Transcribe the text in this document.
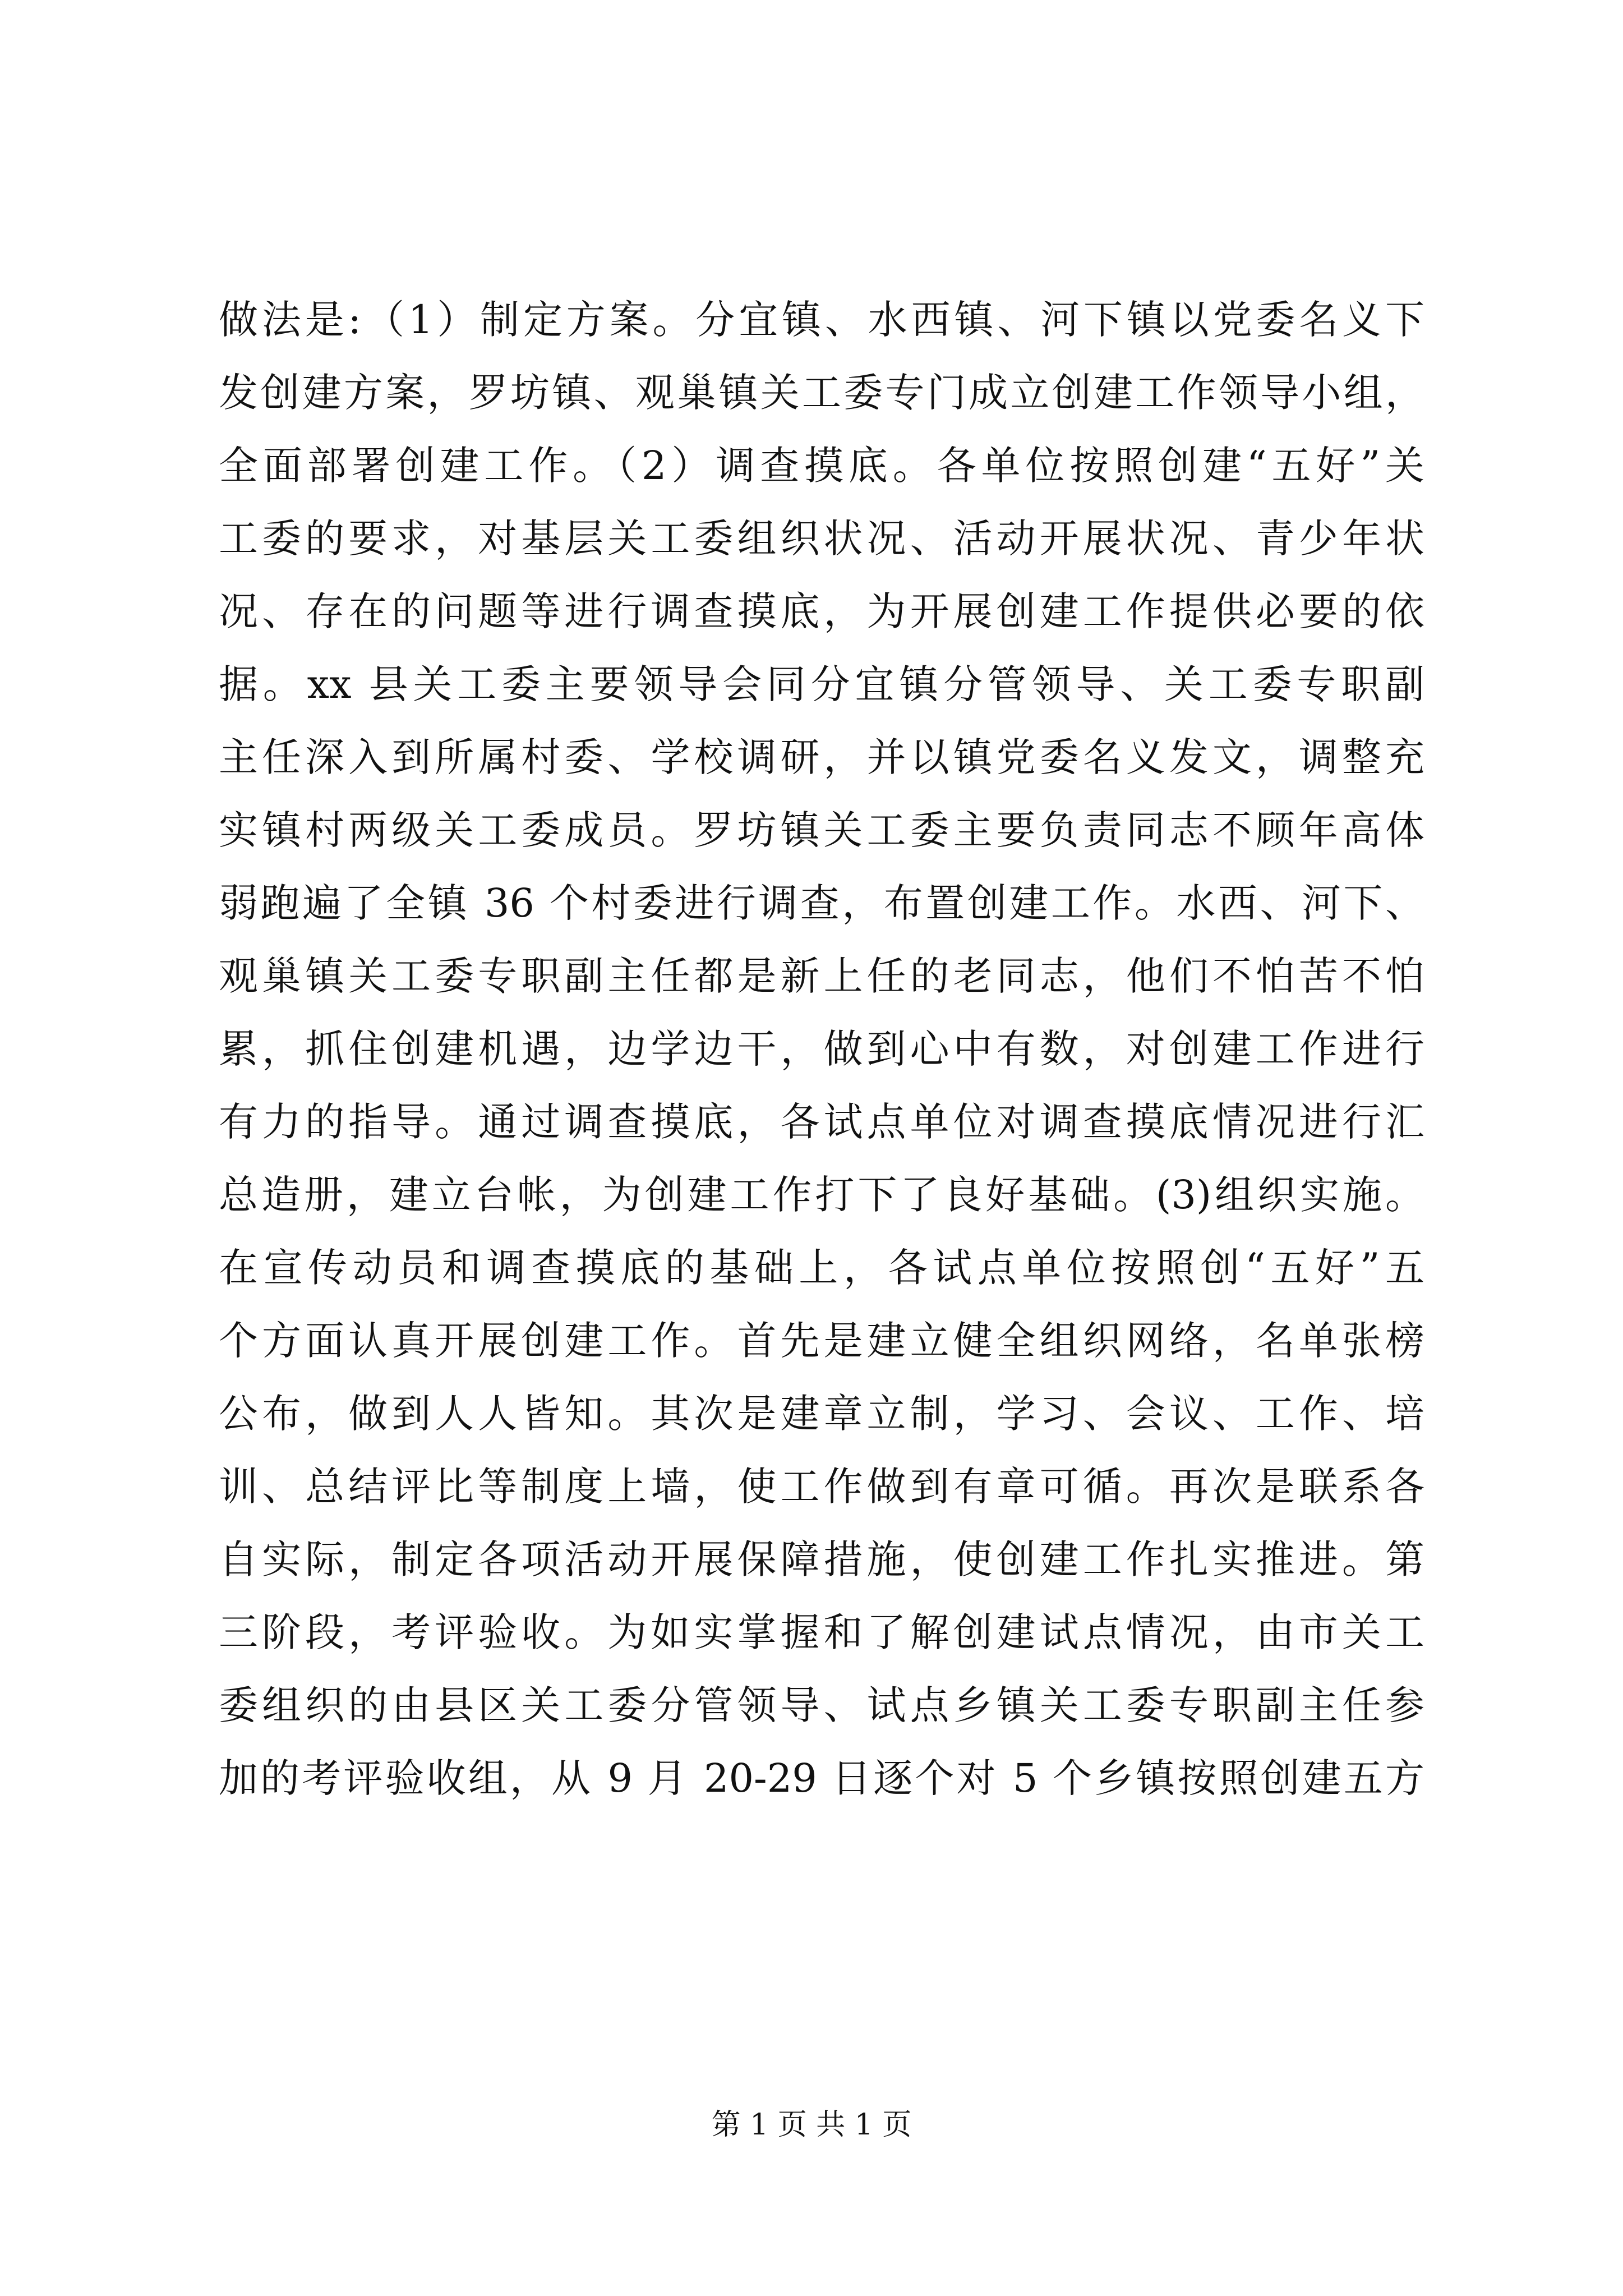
做法是:（1）制定方案。分宜镇、水西镇、河下镇以党委名义下
发创建方案，罗坊镇、观巢镇关工委专门成立创建工作领导小组，
全面部署创建工作。（2）调查摸底。各单位按照创建“五好”关
工委的要求，对基层关工委组织状况、活动开展状况、青少年状
况、存在的问题等进行调查摸底，为开展创建工作提供必要的依
据。xx 县关工委主要领导会同分宜镇分管领导、关工委专职副
主任深入到所属村委、学校调研，并以镇党委名义发文，调整充
实镇村两级关工委成员。罗坊镇关工委主要负责同志不顾年高体
弱跑遍了全镇 36 个村委进行调查，布置创建工作。水西、河下、
观巢镇关工委专职副主任都是新上任的老同志，他们不怕苦不怕
累，抓住创建机遇，边学边干，做到心中有数，对创建工作进行
有力的指导。通过调查摸底，各试点单位对调查摸底情况进行汇
总造册，建立台帐，为创建工作打下了良好基础。(3)组织实施。
在宣传动员和调查摸底的基础上，各试点单位按照创“五好”五
个方面认真开展创建工作。首先是建立健全组织网络，名单张榜
公布，做到人人皆知。其次是建章立制，学习、会议、工作、培
训、总结评比等制度上墙，使工作做到有章可循。再次是联系各
自实际，制定各项活动开展保障措施，使创建工作扎实推进。第
三阶段，考评验收。为如实掌握和了解创建试点情况，由市关工
委组织的由县区关工委分管领导、试点乡镇关工委专职副主任参
加的考评验收组，从 9 月 20-29 日逐个对 5 个乡镇按照创建五方
第 1 页 共 1 页
